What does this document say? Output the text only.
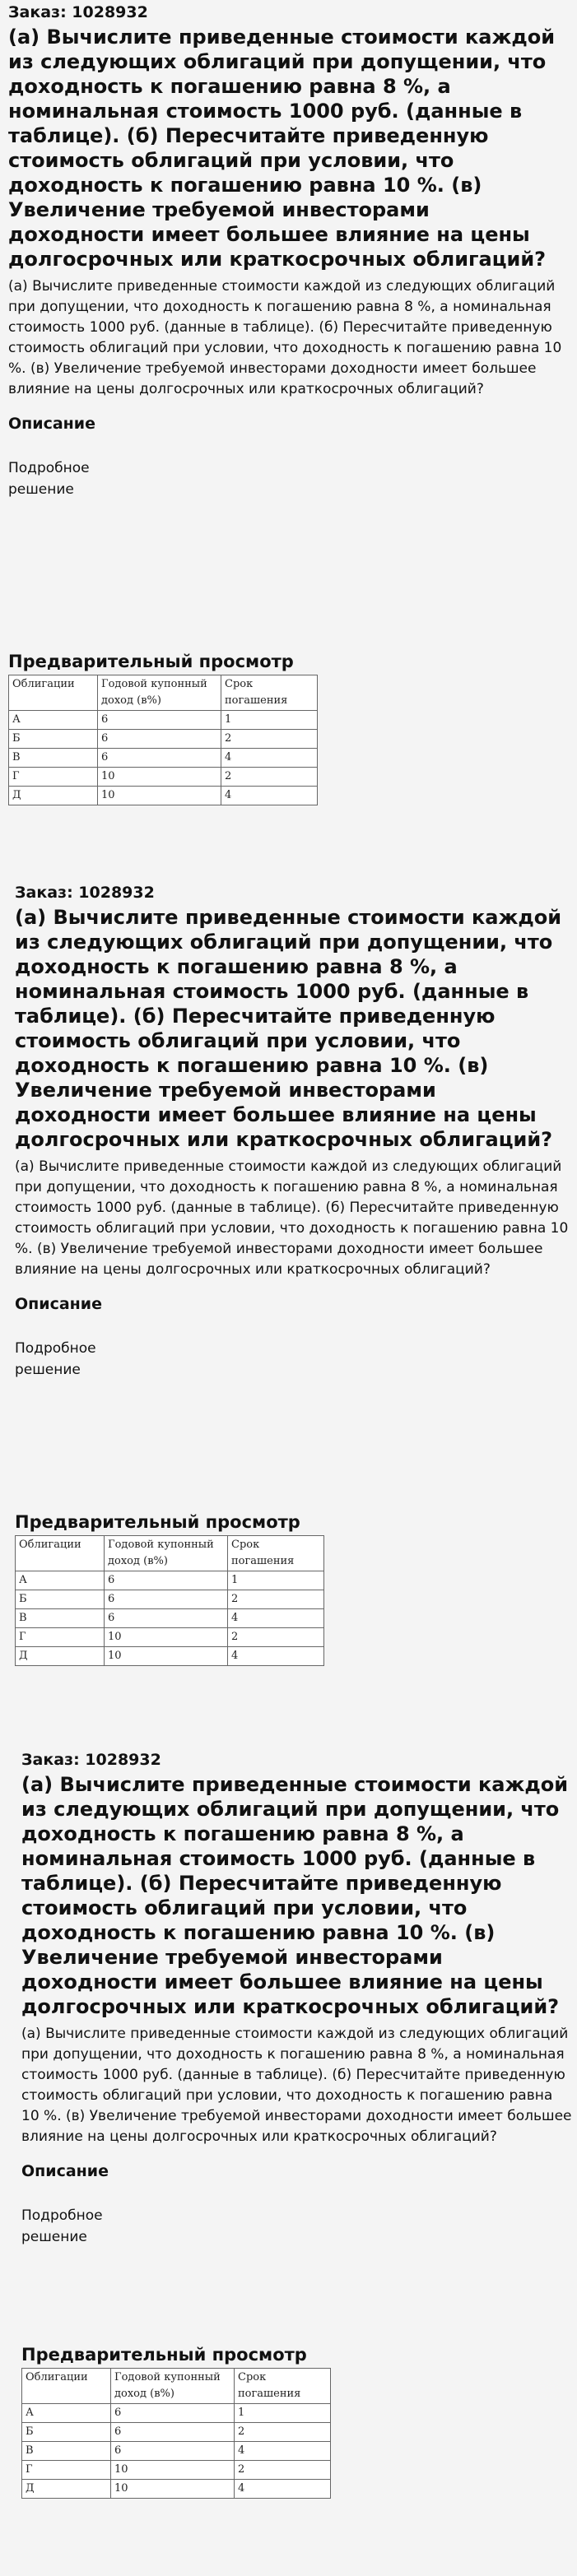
Заказ: 1028932
(а) Вычислите приведенные стоимости каждой из следующих облигаций при допущении, что доходность к погашению равна 8 %, а номинальная стоимость 1000 руб. (данные в таблице). (б) Пересчитайте приведенную стоимость облигаций при условии, что доходность к погашению равна 10 %. (в) Увеличение требуемой инвесторами доходности имеет большее влияние на цены долгосрочных или краткосрочных облигаций?

(а) Вычислите приведенные стоимости каждой из следующих облигаций при допущении, что доходность к погашению равна 8 %, а номинальная стоимость 1000 руб. (данные в таблице). (б) Пересчитайте приведенную стоимость облигаций при условии, что доходность к погашению равна 10 %. (в) Увеличение требуемой инвесторами доходности имеет большее влияние на цены долгосрочных или краткосрочных облигаций?

Описание

Подробное решение

Предварительный просмотр
Облигации	Годовой купонный доход (в%)	Срок погашения
А	6	1
Б	6	2
В	6	4
Г	10	2
Д	10	4
Заказ: 1028932
(а) Вычислите приведенные стоимости каждой из следующих облигаций при допущении, что доходность к погашению равна 8 %, а номинальная стоимость 1000 руб. (данные в таблице). (б) Пересчитайте приведенную стоимость облигаций при условии, что доходность к погашению равна 10 %. (в) Увеличение требуемой инвесторами доходности имеет большее влияние на цены долгосрочных или краткосрочных облигаций?

(а) Вычислите приведенные стоимости каждой из следующих облигаций при допущении, что доходность к погашению равна 8 %, а номинальная стоимость 1000 руб. (данные в таблице). (б) Пересчитайте приведенную стоимость облигаций при условии, что доходность к погашению равна 10 %. (в) Увеличение требуемой инвесторами доходности имеет большее влияние на цены долгосрочных или краткосрочных облигаций?

Описание

Подробное решение

Предварительный просмотр
Облигации	Годовой купонный доход (в%)	Срок погашения
А	6	1
Б	6	2
В	6	4
Г	10	2
Д	10	4
Заказ: 1028932
(а) Вычислите приведенные стоимости каждой из следующих облигаций при допущении, что доходность к погашению равна 8 %, а номинальная стоимость 1000 руб. (данные в таблице). (б) Пересчитайте приведенную стоимость облигаций при условии, что доходность к погашению равна 10 %. (в) Увеличение требуемой инвесторами доходности имеет большее влияние на цены долгосрочных или краткосрочных облигаций?

(а) Вычислите приведенные стоимости каждой из следующих облигаций при допущении, что доходность к погашению равна 8 %, а номинальная стоимость 1000 руб. (данные в таблице). (б) Пересчитайте приведенную стоимость облигаций при условии, что доходность к погашению равна 10 %. (в) Увеличение требуемой инвесторами доходности имеет большее влияние на цены долгосрочных или краткосрочных облигаций?

Описание

Подробное решение

Предварительный просмотр
Облигации	Годовой купонный доход (в%)	Срок погашения
А	6	1
Б	6	2
В	6	4
Г	10	2
Д	10	4
